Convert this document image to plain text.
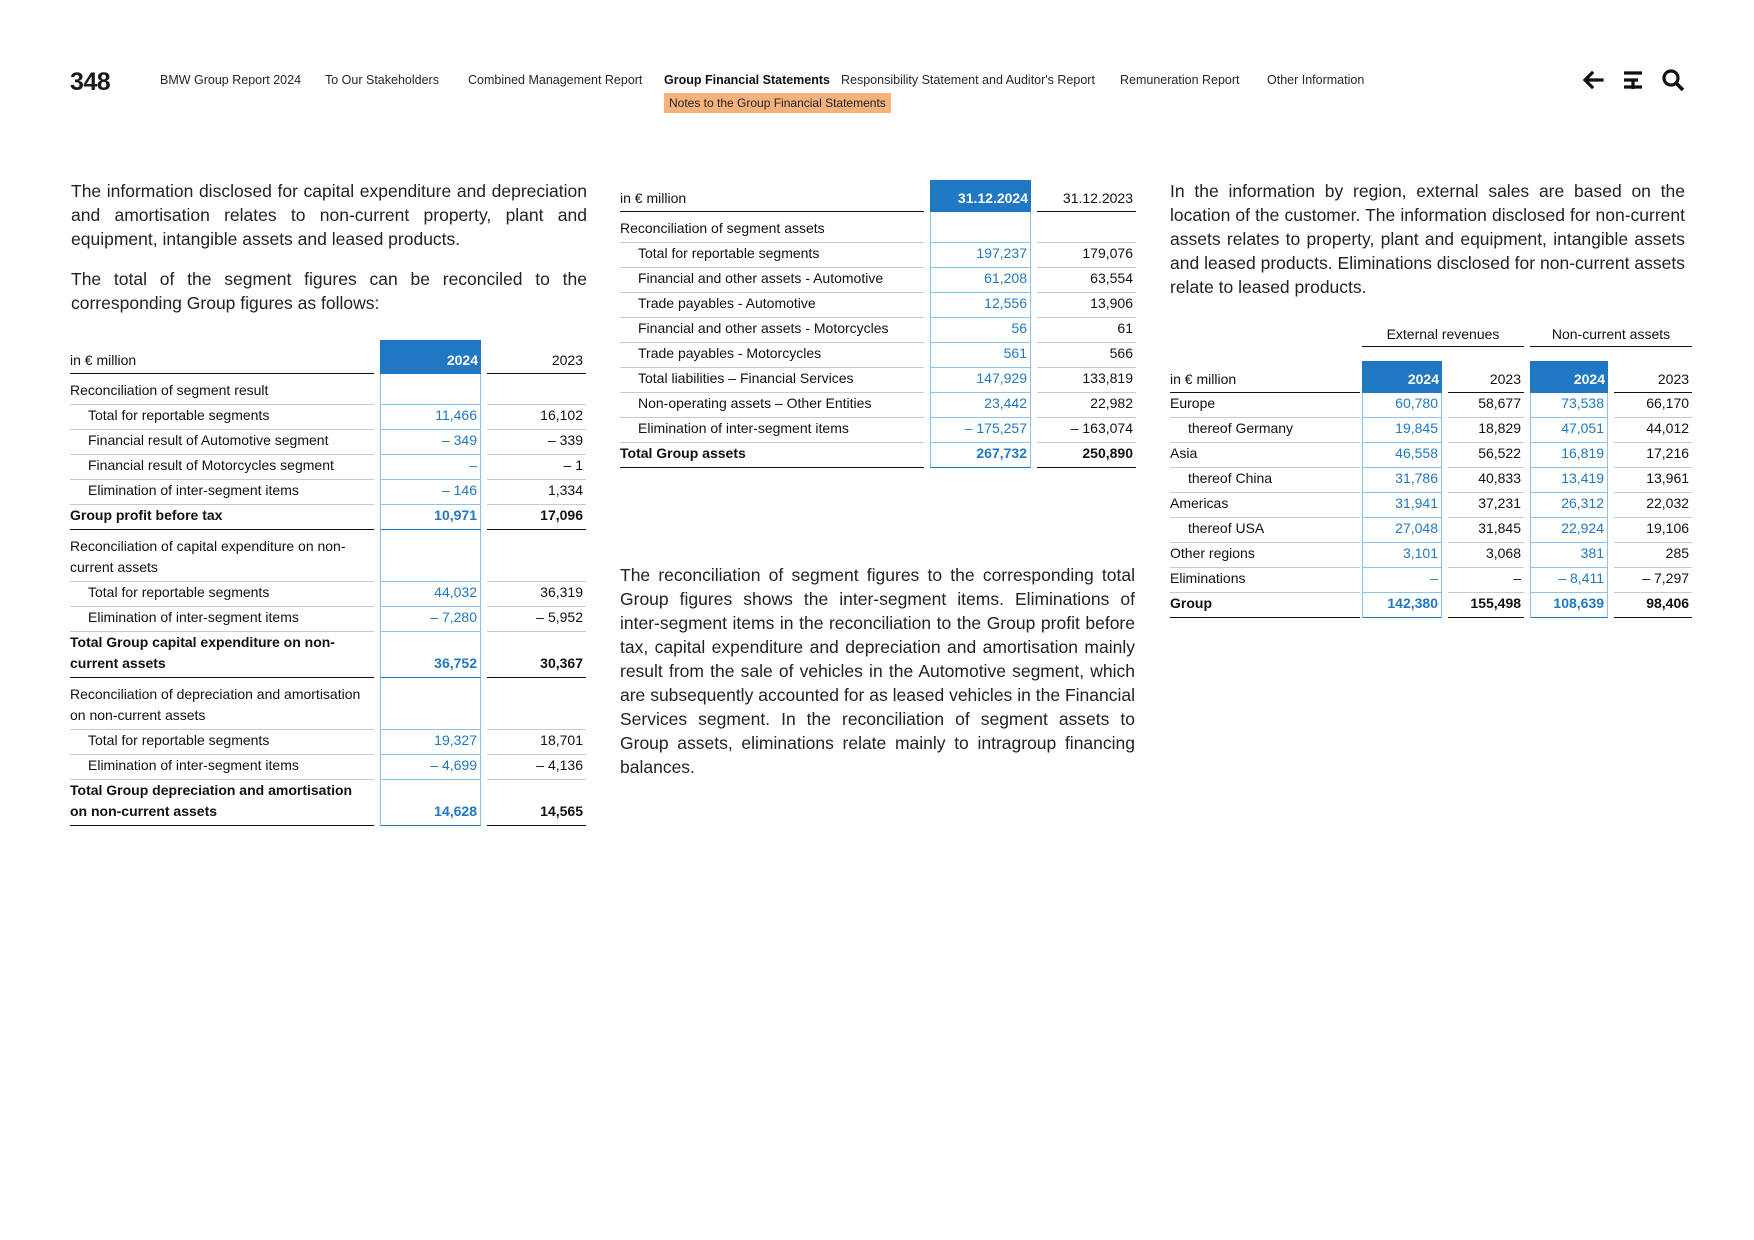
348	BMW Group Report 2024 To Our Stakeholders Combined Management Report Group Financial Statements Responsibility Statement and Auditor's Report Remuneration Report Other Information
Notes to the Group Financial Statements

The information disclosed for capital expenditure and depreciation and amortisation relates to non-current property, plant and equipment, intangible assets and leased products.

The total of the segment figures can be reconciled to the corresponding Group figures as follows:

in € million		2024		2023
Reconciliation of segment result				
Total for reportable segments		11,466		16,102
Financial result of Automotive segment		– 349		– 339
Financial result of Motorcycles segment		–		– 1
Elimination of inter-segment items		– 146		1,334
Group profit before tax		10,971		17,096
Reconciliation of capital expenditure on non-current assets				
Total for reportable segments		44,032		36,319
Elimination of inter-segment items		– 7,280		– 5,952
Total Group capital expenditure on non-current assets		36,752		30,367
Reconciliation of depreciation and amortisation on non-current assets				
Total for reportable segments		19,327		18,701
Elimination of inter-segment items		– 4,699		– 4,136
Total Group depreciation and amortisation on non-current assets		14,628		14,565
in € million		31.12.2024		31.12.2023
Reconciliation of segment assets				
Total for reportable segments		197,237		179,076
Financial and other assets - Automotive		61,208		63,554
Trade payables - Automotive		12,556		13,906
Financial and other assets - Motorcycles		56		61
Trade payables - Motorcycles		561		566
Total liabilities – Financial Services		147,929		133,819
Non-operating assets – Other Entities		23,442		22,982
Elimination of inter-segment items		– 175,257		– 163,074
Total Group assets		267,732		250,890

The reconciliation of segment figures to the corresponding total Group figures shows the inter-segment items. Eliminations of inter-segment items in the reconciliation to the Group profit before tax, capital expenditure and depreciation and amortisation mainly result from the sale of vehicles in the Automotive segment, which are subsequently accounted for as leased vehicles in the Financial Services segment. In the reconciliation of segment assets to Group assets, eliminations relate mainly to intragroup financing balances.

In the information by region, external sales are based on the location of the customer. The information disclosed for non-current assets relates to property, plant and equipment, intangible assets and leased products. Eliminations disclosed for non-current assets relate to leased products.

		External revenues				Non-current assets		

in € million		2024		2023		2024		2023
Europe		60,780		58,677		73,538		66,170
thereof Germany		19,845		18,829		47,051		44,012
Asia		46,558		56,522		16,819		17,216
thereof China		31,786		40,833		13,419		13,961
Americas		31,941		37,231		26,312		22,032
thereof USA		27,048		31,845		22,924		19,106
Other regions		3,101		3,068		381		285
Eliminations		–		–		– 8,411		– 7,297
Group		142,380		155,498		108,639		98,406
